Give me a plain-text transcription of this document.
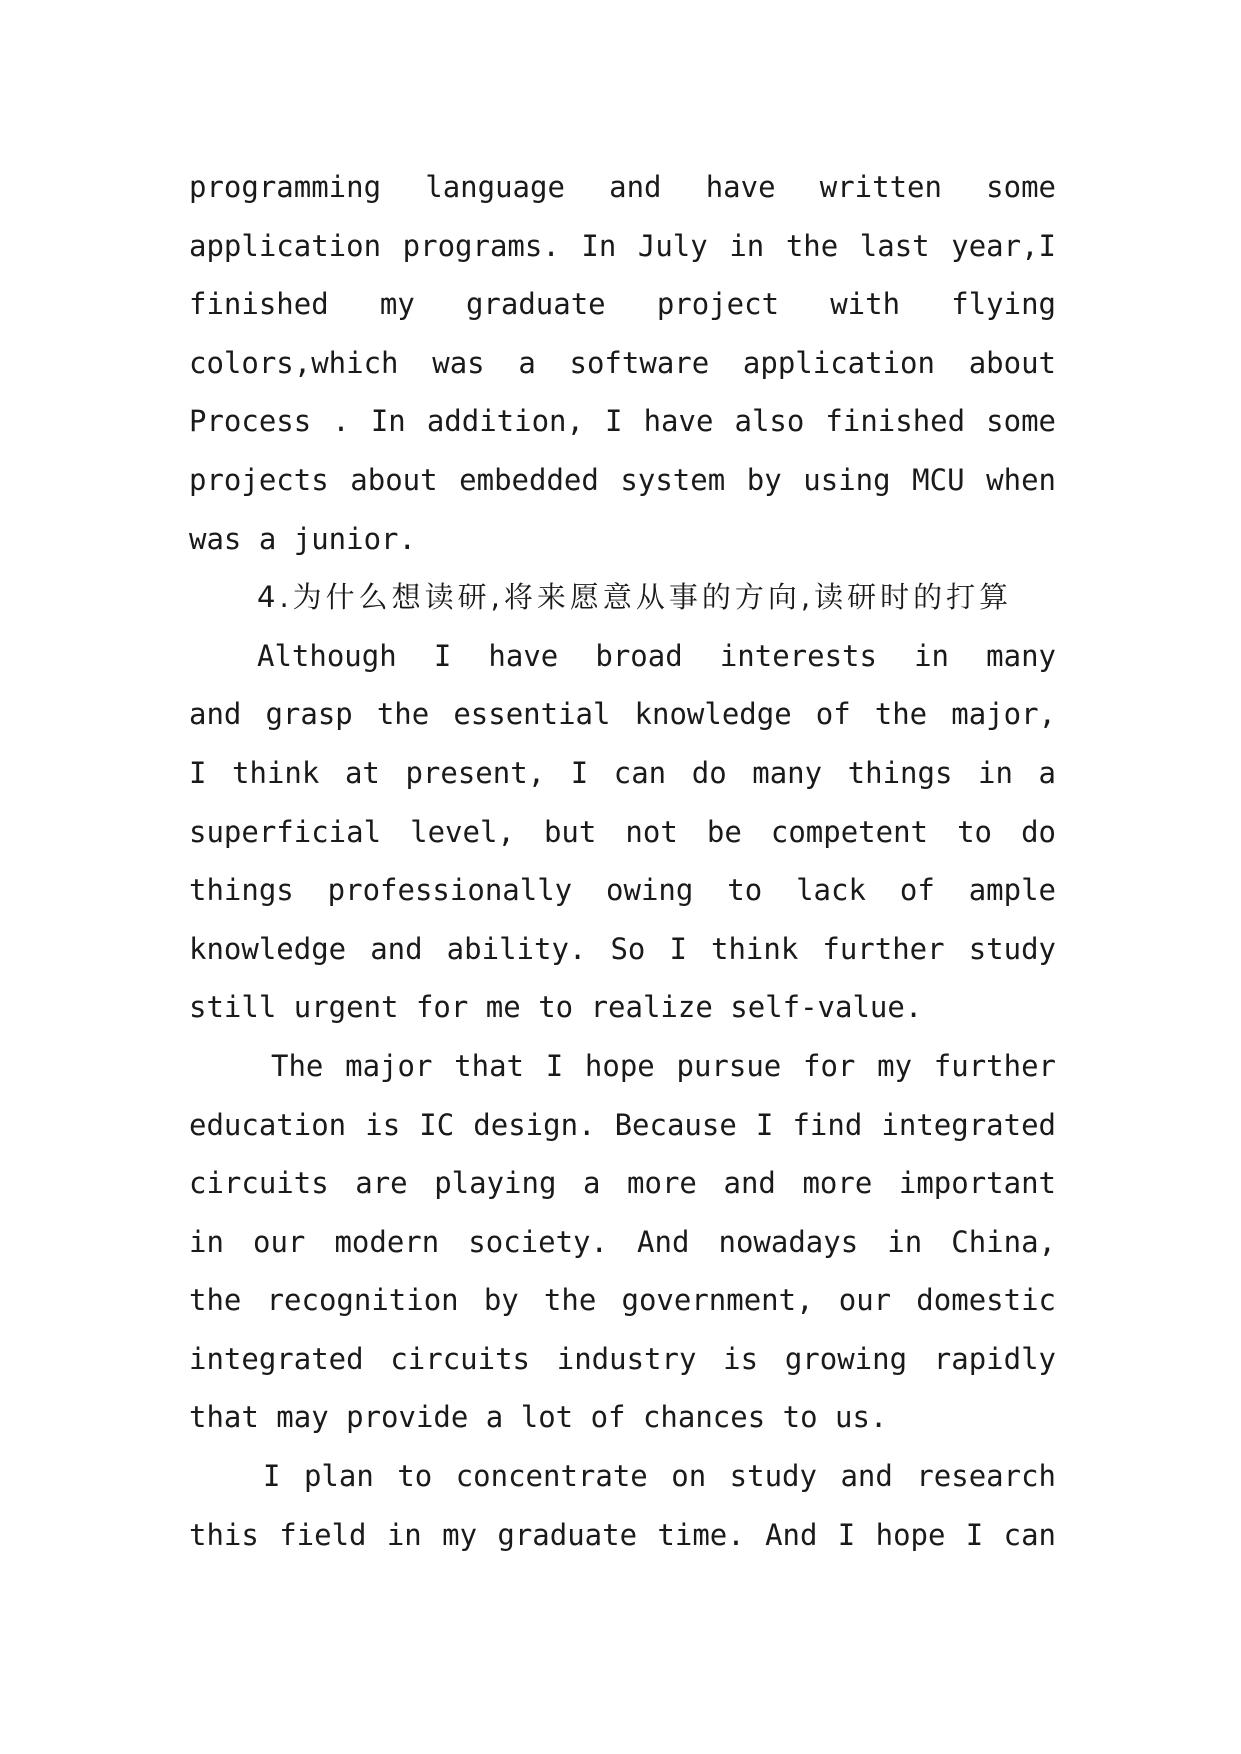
programming language and have written some
application programs. In July in the last year,I
finished my graduate project with flying
colors,which was a software application about
Process . In addition, I have also finished some
projects about embedded system by using MCU when
was a junior.
4.为什么想读研,将来愿意从事的方向,读研时的打算
Although I have broad interests in many
and grasp the essential knowledge of the major,
I think at present, I can do many things in a
superficial level, but not be competent to do
things professionally owing to lack of ample
knowledge and ability. So I think further study
still urgent for me to realize self-value.
The major that I hope pursue for my further
education is IC design. Because I find integrated
circuits are playing a more and more important
in our modern society. And nowadays in China,
the recognition by the government, our domestic
integrated circuits industry is growing rapidly
that may provide a lot of chances to us.
I plan to concentrate on study and research
this field in my graduate time. And I hope I can
